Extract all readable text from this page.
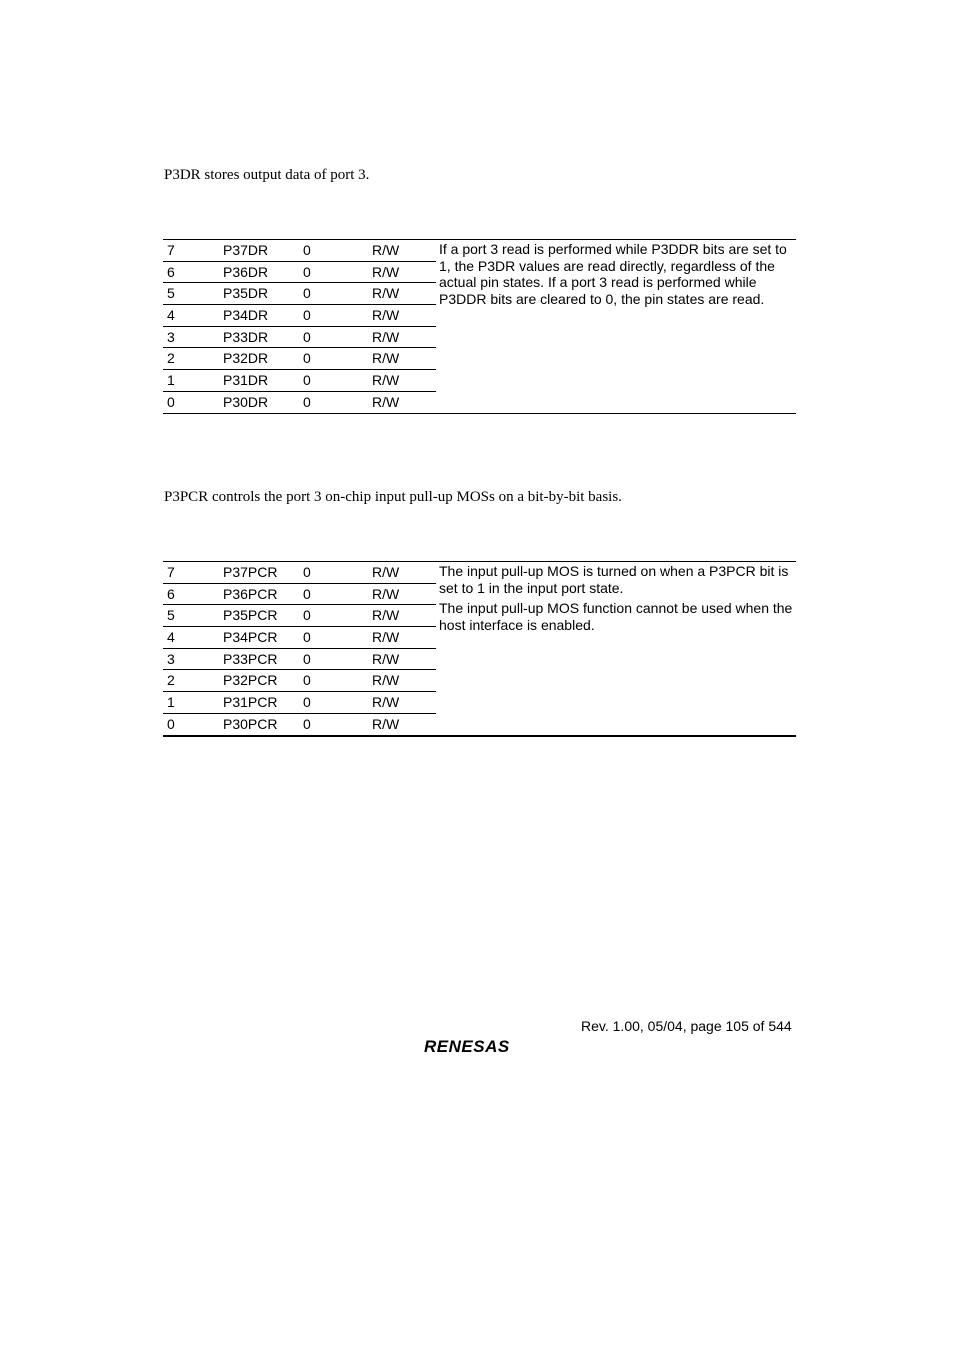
P3DR stores output data of port 3.
7	P37DR 0	R/W
6	P36DR 0	R/W
5	P35DR 0	R/W
4	P34DR 0	R/W
3	P33DR 0	R/W
2	P32DR 0	R/W
1	P31DR 0	R/W
0	P30DR 0	R/W

If a port 3 read is performed while P3DDR bits are set to 1, the P3DR values are read directly, regardless of the actual pin states. If a port 3 read is performed while P3DDR bits are cleared to 0, the pin states are read.

P3PCR controls the port 3 on-chip input pull-up MOSs on a bit-by-bit basis.
7	P37PCR 0	R/W
6	P36PCR 0	R/W
5	P35PCR 0	R/W
4	P34PCR 0	R/W
3	P33PCR 0	R/W
2	P32PCR 0	R/W
1	P31PCR 0	R/W
0	P30PCR 0	R/W

The input pull-up MOS is turned on when a P3PCR bit is set to 1 in the input port state.

The input pull-up MOS function cannot be used when the host interface is enabled.

Rev. 1.00, 05/04, page 105 of 544
RENESAS
